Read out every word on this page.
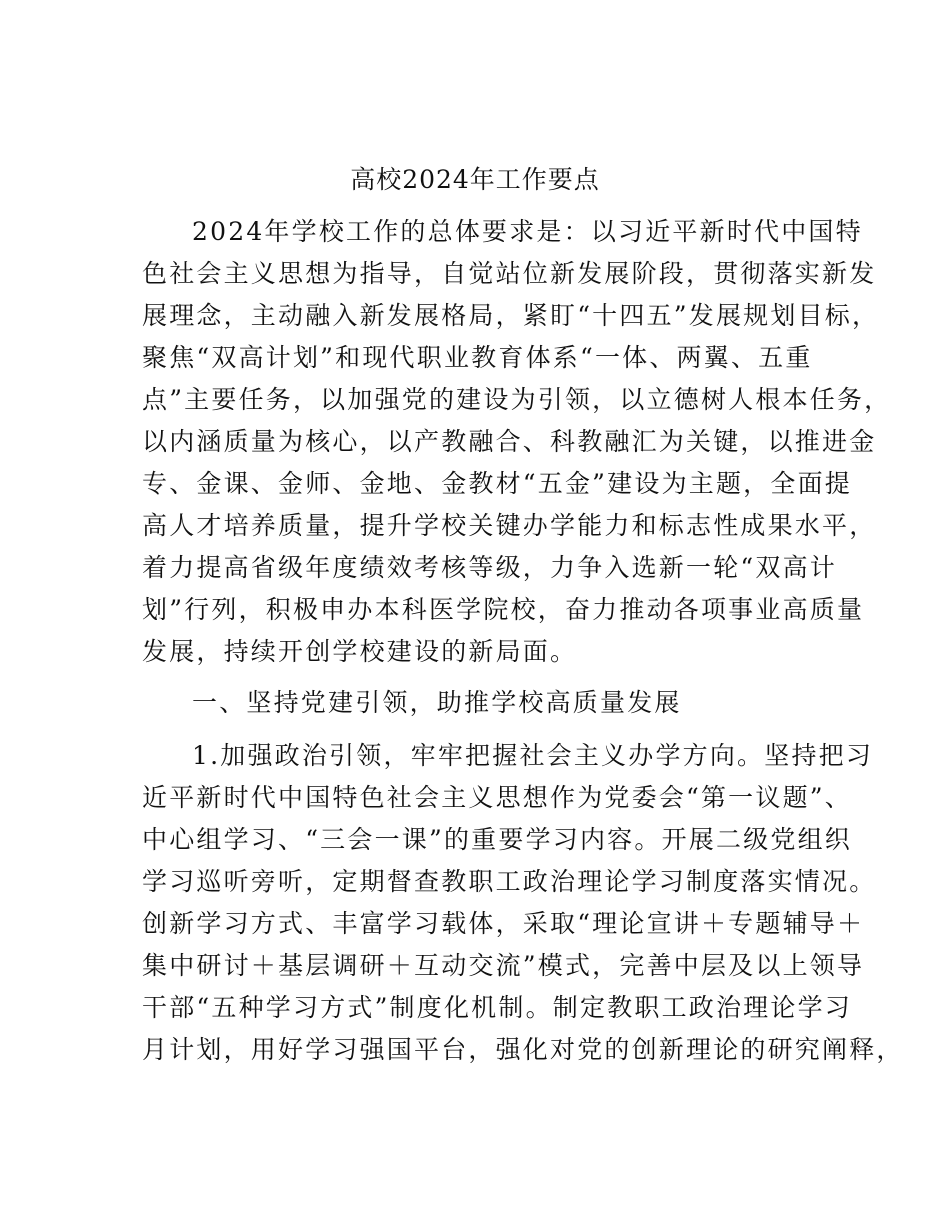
高校2024年工作要点

2024年学校工作的总体要求是：以习近平新时代中国特
色社会主义思想为指导，自觉站位新发展阶段，贯彻落实新发
展理念，主动融入新发展格局，紧盯“十四五”发展规划目标，
聚焦“双高计划”和现代职业教育体系“一体、两翼、五重
点”主要任务，以加强党的建设为引领，以立德树人根本任务，
以内涵质量为核心，以产教融合、科教融汇为关键，以推进金
专、金课、金师、金地、金教材“五金”建设为主题，全面提
高人才培养质量，提升学校关键办学能力和标志性成果水平，
着力提高省级年度绩效考核等级，力争入选新一轮“双高计
划”行列，积极申办本科医学院校，奋力推动各项事业高质量
发展，持续开创学校建设的新局面。

一、坚持党建引领，助推学校高质量发展

1.加强政治引领，牢牢把握社会主义办学方向。坚持把习
近平新时代中国特色社会主义思想作为党委会“第一议题”、
中心组学习、“三会一课”的重要学习内容。开展二级党组织
学习巡听旁听，定期督查教职工政治理论学习制度落实情况。
创新学习方式、丰富学习载体，采取“理论宣讲＋专题辅导＋
集中研讨＋基层调研＋互动交流”模式，完善中层及以上领导
干部“五种学习方式”制度化机制。制定教职工政治理论学习
月计划，用好学习强国平台，强化对党的创新理论的研究阐释，
